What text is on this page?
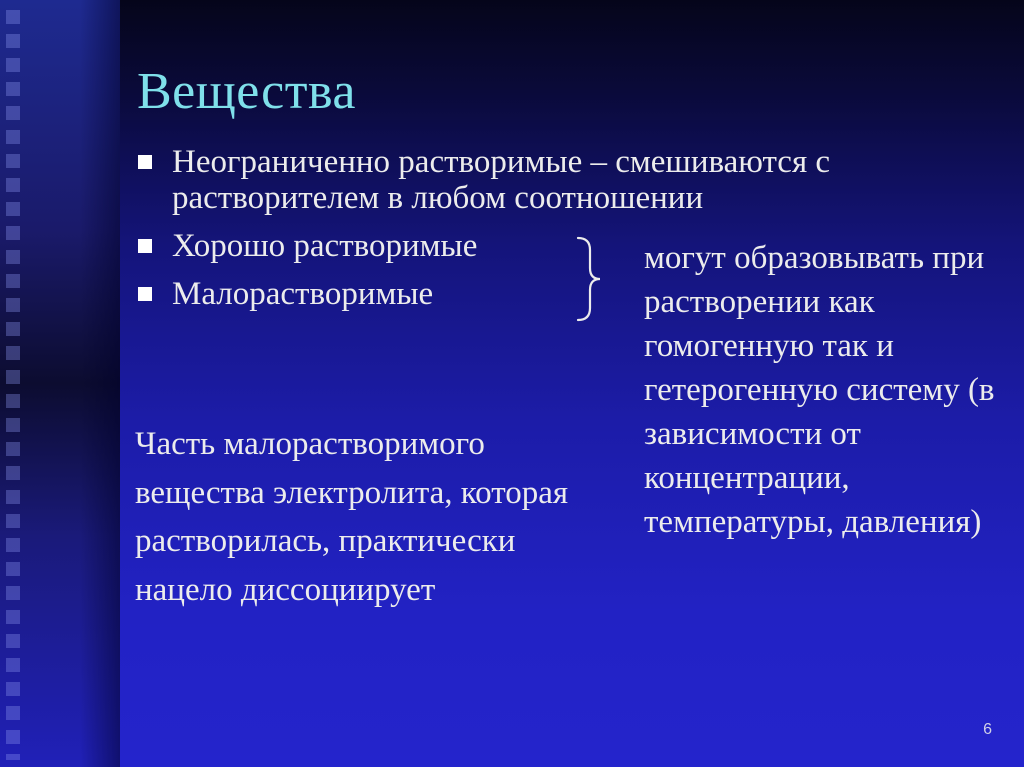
Вещества
Неограниченно растворимые – смешиваются с растворителем в любом соотношении
Хорошо растворимые
Малорастворимые
могут образовывать при растворении как гомогенную так и гетерогенную систему (в зависимости от концентрации, температуры, давления)
Часть малорастворимого вещества электролита, которая растворилась, практически нацело диссоциирует
6
